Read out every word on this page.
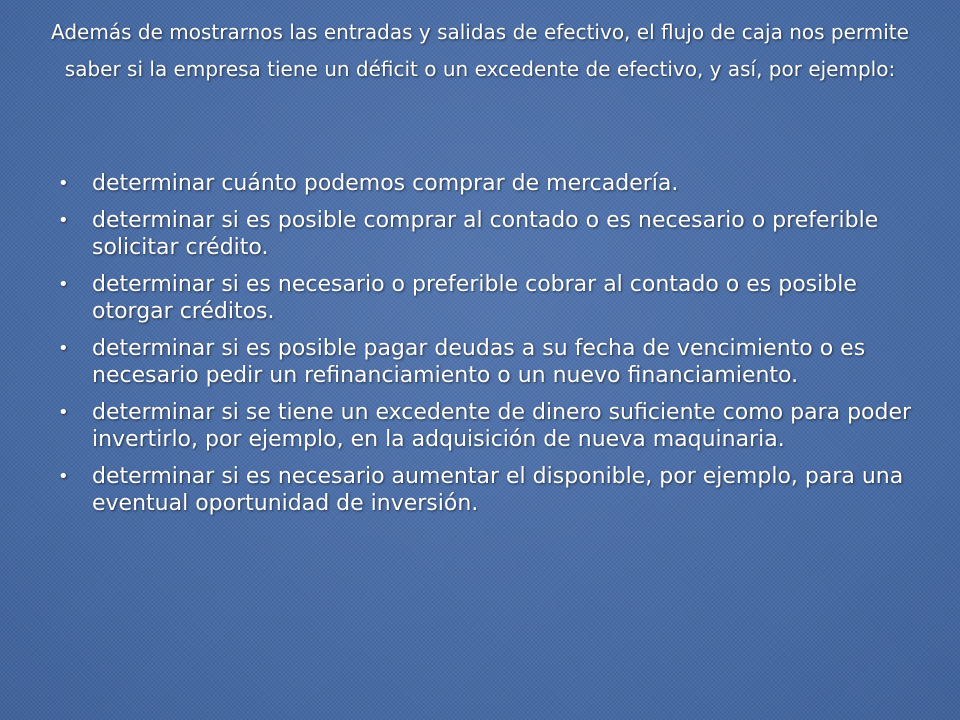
Además de mostrarnos las entradas y salidas de efectivo, el flujo de caja nos permite saber si la empresa tiene un déficit o un excedente de efectivo, y así, por ejemplo:

• determinar cuánto podemos comprar de mercadería.
• determinar si es posible comprar al contado o es necesario o preferible solicitar crédito.
• determinar si es necesario o preferible cobrar al contado o es posible otorgar créditos.
• determinar si es posible pagar deudas a su fecha de vencimiento o es necesario pedir un refinanciamiento o un nuevo financiamiento.
• determinar si se tiene un excedente de dinero suficiente como para poder invertirlo, por ejemplo, en la adquisición de nueva maquinaria.
• determinar si es necesario aumentar el disponible, por ejemplo, para una eventual oportunidad de inversión.
